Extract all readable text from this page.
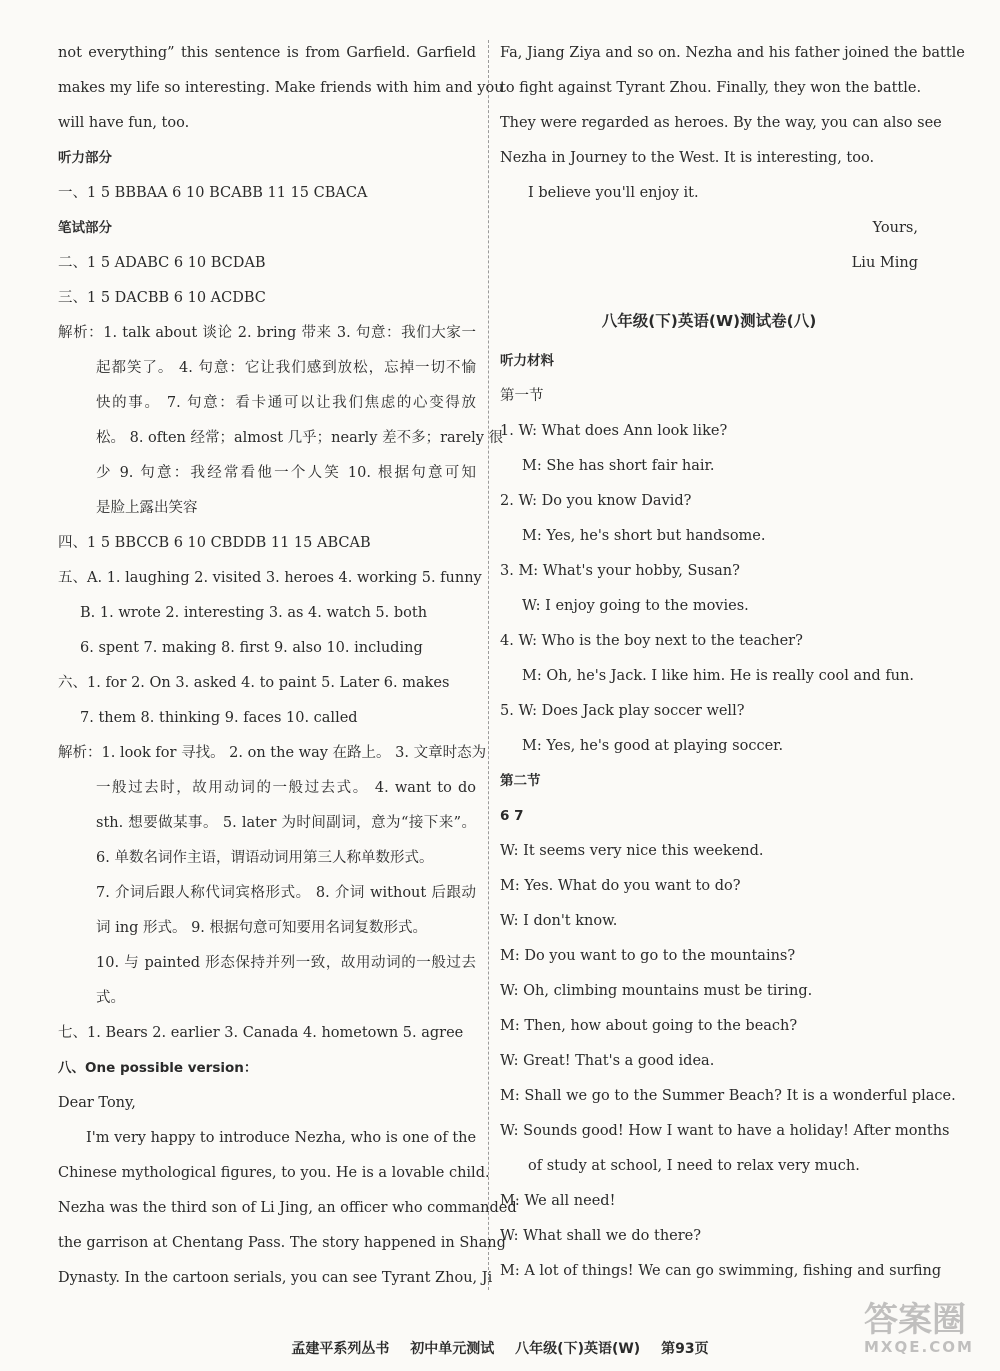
not everything” this sentence is from Garfield. Garfield
makes my life so interesting. Make friends with him and you
will have fun, too.
听力部分
一、1 5 BBBAA 6 10 BCABB 11 15 CBACA
笔试部分
二、1 5 ADABC 6 10 BCDAB
三、1 5 DACBB 6 10 ACDBC
解析：1. talk about 谈论 2. bring 带来 3. 句意：我们大家一
起都笑了。 4. 句意：它让我们感到放松，忘掉一切不愉
快的事。 7. 句意：看卡通可以让我们焦虑的心变得放
松。 8. often 经常；almost 几乎；nearly 差不多；rarely 很
少 9. 句意：我经常看他一个人笑 10. 根据句意可知
是脸上露出笑容
四、1 5 BBCCB 6 10 CBDDB 11 15 ABCAB
五、A. 1. laughing 2. visited 3. heroes 4. working 5. funny
B. 1. wrote 2. interesting 3. as 4. watch 5. both
6. spent 7. making 8. first 9. also 10. including
六、1. for 2. On 3. asked 4. to paint 5. Later 6. makes
7. them 8. thinking 9. faces 10. called
解析：1. look for 寻找。 2. on the way 在路上。 3. 文章时态为
一般过去时，故用动词的一般过去式。 4. want to do
sth. 想要做某事。 5. later 为时间副词，意为“接下来”。
6. 单数名词作主语，谓语动词用第三人称单数形式。
7. 介词后跟人称代词宾格形式。 8. 介词 without 后跟动
词 ing 形式。 9. 根据句意可知要用名词复数形式。
10. 与 painted 形态保持并列一致，故用动词的一般过去
式。
七、1. Bears 2. earlier 3. Canada 4. hometown 5. agree
八、One possible version：
Dear Tony,
I'm very happy to introduce Nezha, who is one of the
Chinese mythological figures, to you. He is a lovable child.
Nezha was the third son of Li Jing, an officer who commanded
the garrison at Chentang Pass. The story happened in Shang
Dynasty. In the cartoon serials, you can see Tyrant Zhou, Ji
Fa, Jiang Ziya and so on. Nezha and his father joined the battle
to fight against Tyrant Zhou. Finally, they won the battle.
They were regarded as heroes. By the way, you can also see
Nezha in Journey to the West. It is interesting, too.
I believe you'll enjoy it.
Yours,
Liu Ming
八年级(下)英语(W)测试卷(八)
听力材料
第一节
1. W: What does Ann look like?
M: She has short fair hair.
2. W: Do you know David?
M: Yes, he's short but handsome.
3. M: What's your hobby, Susan?
W: I enjoy going to the movies.
4. W: Who is the boy next to the teacher?
M: Oh, he's Jack. I like him. He is really cool and fun.
5. W: Does Jack play soccer well?
M: Yes, he's good at playing soccer.
第二节
6 7
W: It seems very nice this weekend.
M: Yes. What do you want to do?
W: I don't know.
M: Do you want to go to the mountains?
W: Oh, climbing mountains must be tiring.
M: Then, how about going to the beach?
W: Great! That's a good idea.
M: Shall we go to the Summer Beach? It is a wonderful place.
W: Sounds good! How I want to have a holiday! After months
of study at school, I need to relax very much.
M: We all need!
W: What shall we do there?
M: A lot of things! We can go swimming, fishing and surfing
孟建平系列丛书 初中单元测试 八年级(下)英语(W) 第93页
答案圈
MXQE.COM
